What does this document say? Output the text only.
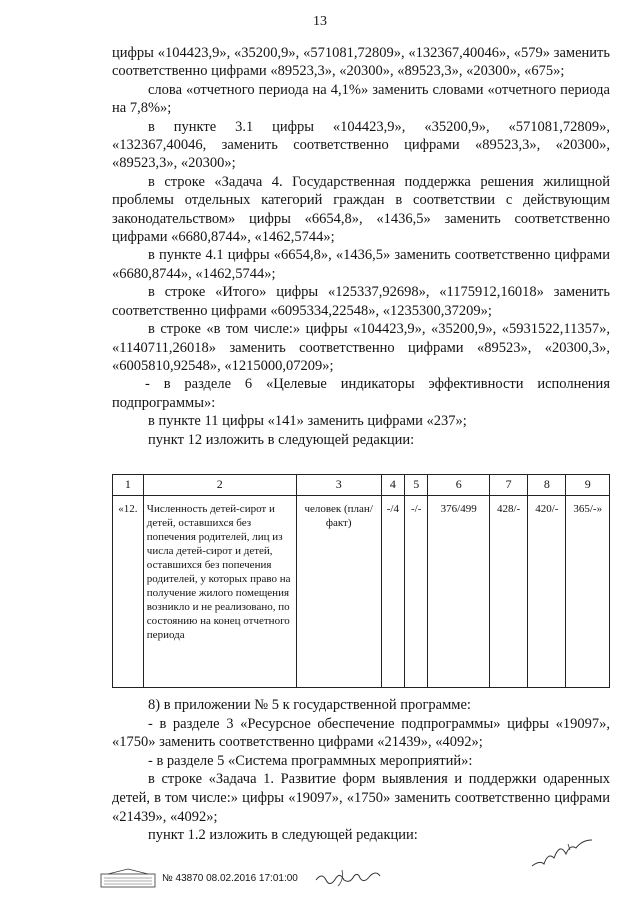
13

цифры «104423,9», «35200,9», «571081,72809», «132367,40046», «579» заменить соответственно цифрами «89523,3», «20300», «89523,3», «20300», «675»;

слова «отчетного периода на 4,1%» заменить словами «отчетного периода на 7,8%»;

в пункте 3.1 цифры «104423,9», «35200,9», «571081,72809», «132367,40046, заменить соответственно цифрами «89523,3», «20300», «89523,3», «20300»;

в строке «Задача 4. Государственная поддержка решения жилищной проблемы отдельных категорий граждан в соответствии с действующим законодательством» цифры «6654,8», «1436,5» заменить соответственно цифрами «6680,8744», «1462,5744»;

в пункте 4.1 цифры «6654,8», «1436,5» заменить соответственно цифрами «6680,8744», «1462,5744»;

в строке «Итого» цифры «125337,92698», «1175912,16018» заменить соответственно цифрами «6095334,22548», «1235300,37209»;

в строке «в том числе:» цифры «104423,9», «35200,9», «5931522,11357», «1140711,26018» заменить соответственно цифрами «89523», «20300,3», «6005810,92548», «1215000,07209»;

- в разделе 6 «Целевые индикаторы эффективности исполнения подпрограммы»:

в пункте 11 цифры «141» заменить цифрами «237»;

пункт 12 изложить в следующей редакции:

1	2	3	4	5	6	7	8	9
«12.	Численность детей-сирот и детей, оставшихся без попечения родителей, лиц из числа детей-сирот и детей, оставшихся без попечения родителей, у которых право на получение жилого помещения возникло и не реализовано, по состоянию на конец отчетного периода	человек (план/факт)	-/4	-/-	376/499	428/-	420/-	365/-»

8) в приложении № 5 к государственной программе:

- в разделе 3 «Ресурсное обеспечение подпрограммы» цифры «19097», «1750» заменить соответственно цифрами «21439», «4092»;

- в разделе 5 «Система программных мероприятий»:

в строке «Задача 1. Развитие форм выявления и поддержки одаренных детей, в том числе:» цифры «19097», «1750» заменить соответственно цифрами «21439», «4092»;

пункт 1.2 изложить в следующей редакции:

№ 43870 08.02.2016 17:01:00
